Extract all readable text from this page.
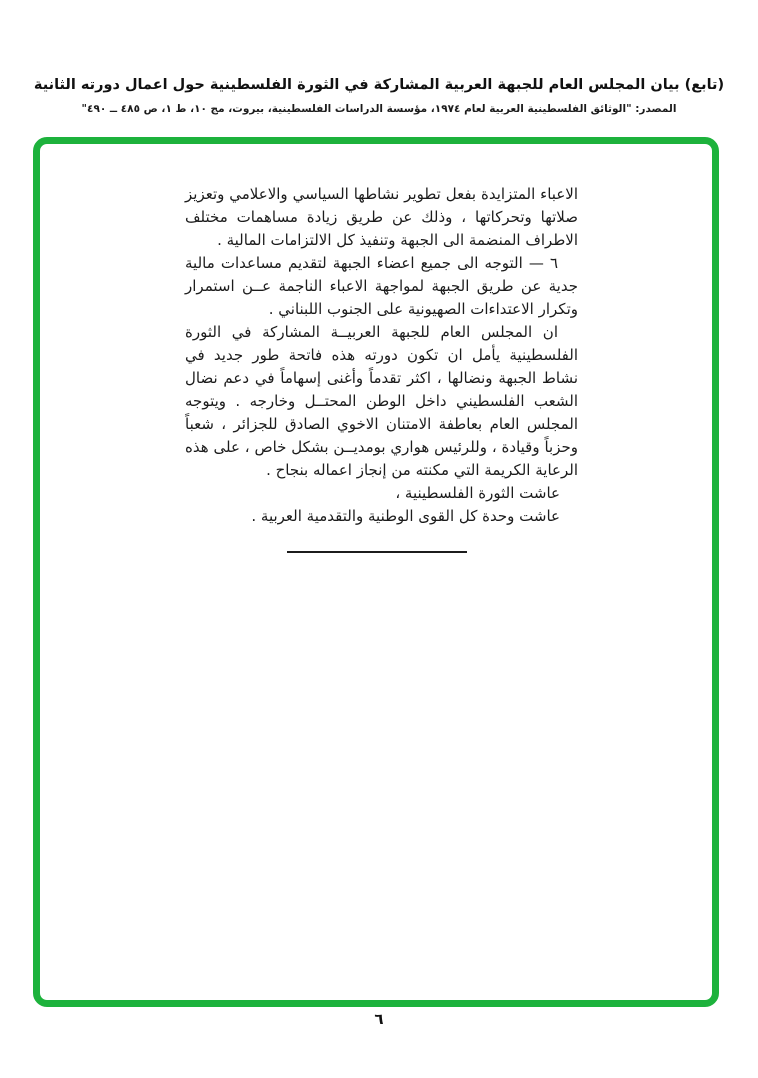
(تابع) بيان المجلس العام للجبهة العربية المشاركة في الثورة الفلسطينية حول اعمال دورته الثانية
المصدر: "الوثائق الفلسطينية العربية لعام ١٩٧٤، مؤسسة الدراسات الفلسطينية، بيروت، مج ١٠، ط ١، ص ٤٨٥ ــ ٤٩٠"

الاعباء المتزايدة بفعل تطوير نشاطها السياسي والاعلامي وتعزيز صلاتها وتحركاتها ، وذلك عن طريق زيادة مساهمات مختلف الاطراف المنضمة الى الجبهة وتنفيذ كل الالتزامات المالية .

٦ — التوجه الى جميع اعضاء الجبهة لتقديم مساعدات مالية جدية عن طريق الجبهة لمواجهة الاعباء الناجمة عــن استمرار وتكرار الاعتداءات الصهيونية على الجنوب اللبناني .

ان المجلس العام للجبهة العربيــة المشاركة في الثورة الفلسطينية يأمل ان تكون دورته هذه فاتحة طور جديد في نشاط الجبهة ونضالها ، اكثر تقدماً وأغنى إسهاماً في دعم نضال الشعب الفلسطيني داخل الوطن المحتــل وخارجه . ويتوجه المجلس العام بعاطفة الامتنان الاخوي الصادق للجزائر ، شعباً وحزباً وقيادة ، وللرئيس هواري بومديــن بشكل خاص ، على هذه الرعاية الكريمة التي مكنته من إنجاز اعماله بنجاح .

عاشت الثورة الفلسطينية ،

عاشت وحدة كل القوى الوطنية والتقدمية العربية .

٦
